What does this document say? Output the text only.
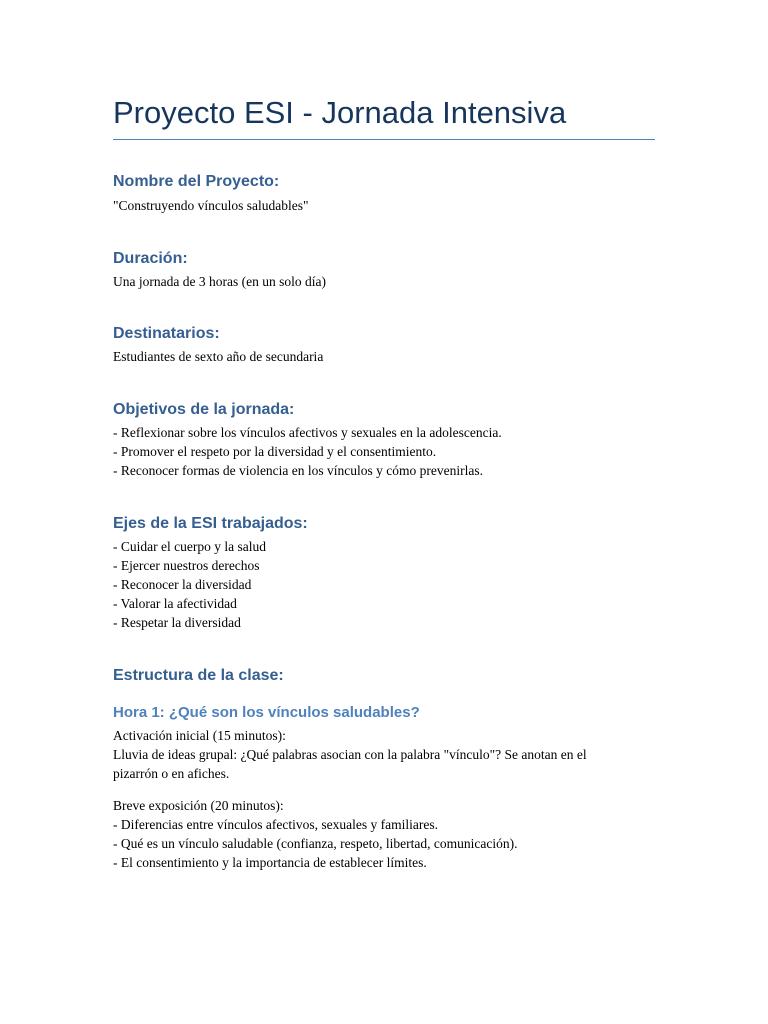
Proyecto ESI - Jornada Intensiva
Nombre del Proyecto:
"Construyendo vínculos saludables"
Duración:
Una jornada de 3 horas (en un solo día)
Destinatarios:
Estudiantes de sexto año de secundaria
Objetivos de la jornada:
- Reflexionar sobre los vínculos afectivos y sexuales en la adolescencia.
- Promover el respeto por la diversidad y el consentimiento.
- Reconocer formas de violencia en los vínculos y cómo prevenirlas.
Ejes de la ESI trabajados:
- Cuidar el cuerpo y la salud
- Ejercer nuestros derechos
- Reconocer la diversidad
- Valorar la afectividad
- Respetar la diversidad
Estructura de la clase:
Hora 1: ¿Qué son los vínculos saludables?
Activación inicial (15 minutos):
Lluvia de ideas grupal: ¿Qué palabras asocian con la palabra "vínculo"? Se anotan en el
pizarrón o en afiches.
Breve exposición (20 minutos):
- Diferencias entre vínculos afectivos, sexuales y familiares.
- Qué es un vínculo saludable (confianza, respeto, libertad, comunicación).
- El consentimiento y la importancia de establecer límites.
